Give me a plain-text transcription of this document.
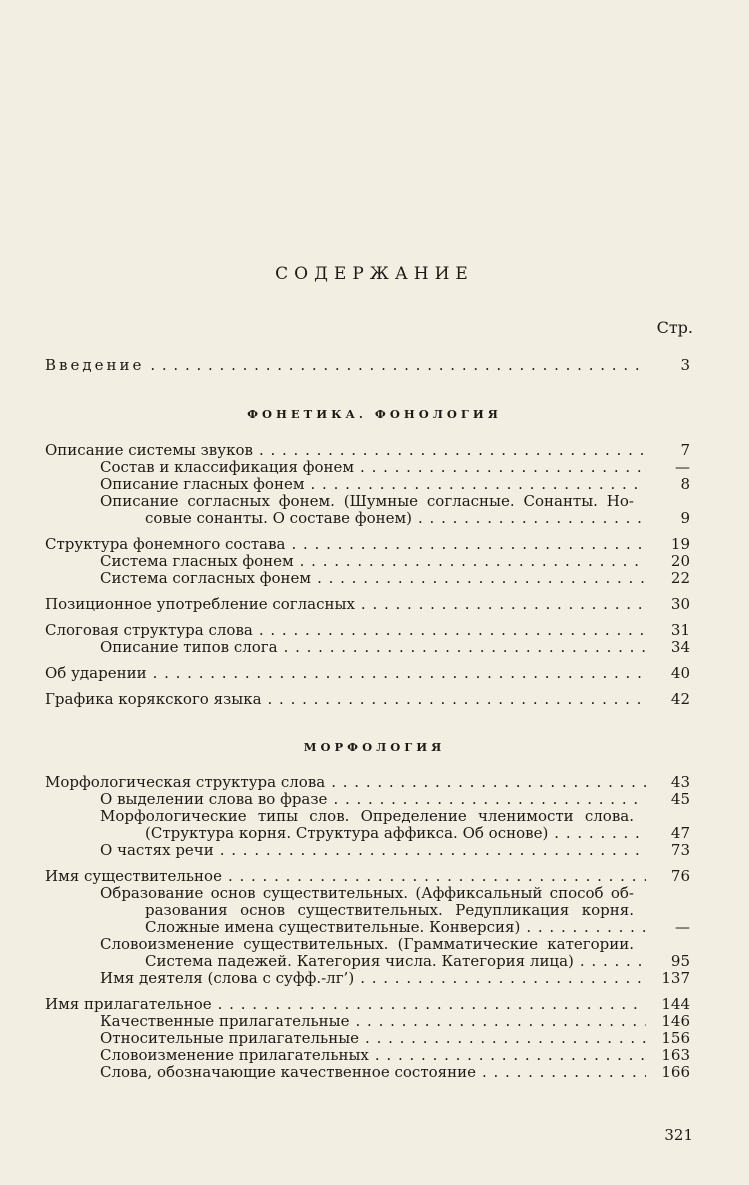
СОДЕРЖАНИЕ
Стр.
Введение . . .	3
ФОНЕТИКА. ФОНОЛОГИЯ
Описание системы звуков . . .	7
Состав и классификация фонем . . .	—
Описание гласных фонем . . .	8
Описание согласных фонем. (Шумные согласные. Сонанты. Но-
совые сонанты. О составе фонем) . . .	9
Структура фонемного состава . . .	19
Система гласных фонем . . .	20
Система согласных фонем . . .	22
Позиционное употребление согласных . . .	30
Слоговая структура слова . . .	31
Описание типов слога . . .	34
Об ударении . . .	40
Графика корякского языка . . .	42
МОРФОЛОГИЯ
Морфологическая структура слова . . .	43
О выделении слова во фразе . . .	45
Морфологические типы слов. Определение членимости слова.
(Структура корня. Структура аффикса. Об основе) . . .	47
О частях речи . . .	73
Имя существительное . . .	76
Образование основ существительных. (Аффиксальный способ об-
разования основ существительных. Редупликация корня.
Сложные имена существительные. Конверсия) . . .	—
Словоизменение существительных. (Грамматические категории.
Система падежей. Категория числа. Категория лица) . . .	95
Имя деятеля (слова с суфф.-лг’) . . .	137
Имя прилагательное . . .	144
Качественные прилагательные . . .	146
Относительные прилагательные . . .	156
Словоизменение прилагательных . . .	163
Слова, обозначающие качественное состояние . . .	166
321
